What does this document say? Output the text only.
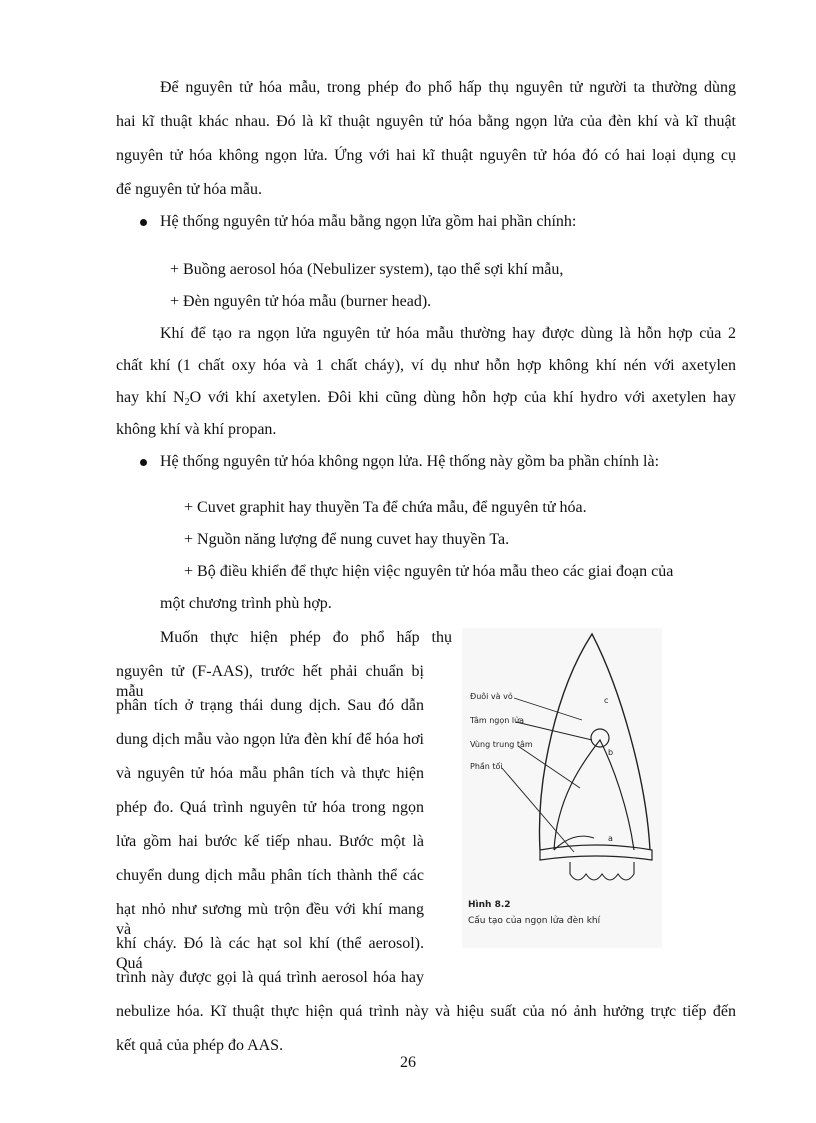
Để nguyên tử hóa mẫu, trong phép đo phổ hấp thụ nguyên tử người ta thường dùng
hai kĩ thuật khác nhau. Đó là kĩ thuật nguyên tử hóa bằng ngọn lửa của đèn khí và kĩ thuật
nguyên tử hóa không ngọn lửa. Ứng với hai kĩ thuật nguyên tử hóa đó có hai loại dụng cụ
để nguyên tử hóa mẫu.
Hệ thống nguyên tử hóa mẫu bằng ngọn lửa gồm hai phần chính:
+ Buồng aerosol hóa (Nebulizer system), tạo thể sợi khí mẫu,
+ Đèn nguyên tử hóa mẫu (burner head).
Khí để tạo ra ngọn lửa nguyên tử hóa mẫu thường hay được dùng là hỗn hợp của 2
chất khí (1 chất oxy hóa và 1 chất cháy), ví dụ như hỗn hợp không khí nén với axetylen
hay khí N2O với khí axetylen. Đôi khi cũng dùng hỗn hợp của khí hydro với axetylen hay
không khí và khí propan.
Hệ thống nguyên tử hóa không ngọn lửa. Hệ thống này gồm ba phần chính là:
+ Cuvet graphit hay thuyền Ta để chứa mẫu, để nguyên tử hóa.
+ Nguồn năng lượng để nung cuvet hay thuyền Ta.
+ Bộ điều khiển để thực hiện việc nguyên tử hóa mẫu theo các giai đoạn của
một chương trình phù hợp.
Muốn thực hiện phép đo phổ hấp thụ
nguyên tử (F-AAS), trước hết phải chuẩn bị mẫu
phân tích ở trạng thái dung dịch. Sau đó dẫn
dung dịch mẫu vào ngọn lửa đèn khí để hóa hơi
và nguyên tử hóa mẫu phân tích và thực hiện
phép đo. Quá trình nguyên tử hóa trong ngọn
lửa gồm hai bước kế tiếp nhau. Bước một là
chuyển dung dịch mẫu phân tích thành thể các
hạt nhỏ như sương mù trộn đều với khí mang và
khí cháy. Đó là các hạt sol khí (thể aerosol). Quá
trình này được gọi là quá trình aerosol hóa hay
nebulize hóa. Kĩ thuật thực hiện quá trình này và hiệu suất của nó ảnh hưởng trực tiếp đến
kết quả của phép đo AAS.
Đuôi và vỏ
Tâm ngọn lửa
Vùng trung tâm
Phần tối
c
b
a
Hình 8.2
Cấu tạo của ngọn lửa đèn khí
26
